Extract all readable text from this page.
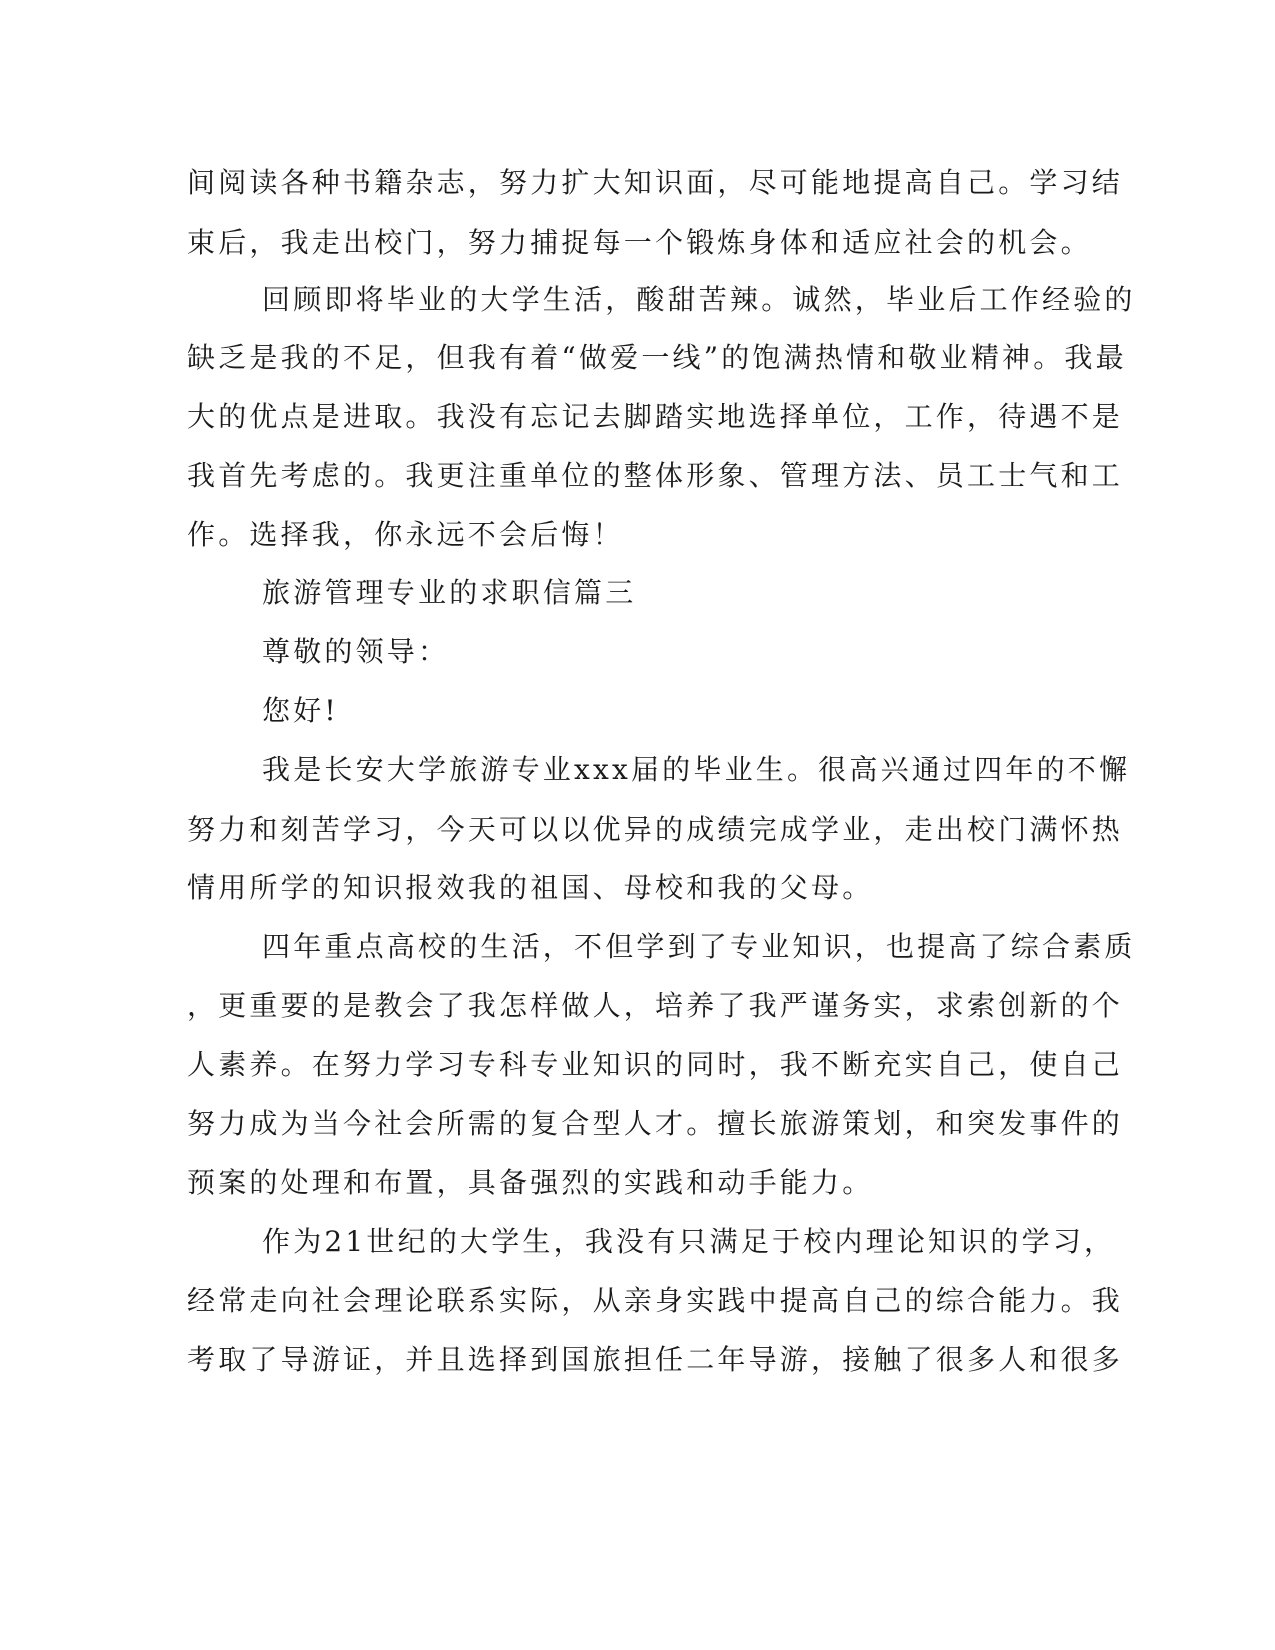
间阅读各种书籍杂志，努力扩大知识面，尽可能地提高自己。学习结

束后，我走出校门，努力捕捉每一个锻炼身体和适应社会的机会。

回顾即将毕业的大学生活，酸甜苦辣。诚然，毕业后工作经验的

缺乏是我的不足，但我有着“做爱一线”的饱满热情和敬业精神。我最

大的优点是进取。我没有忘记去脚踏实地选择单位，工作，待遇不是

我首先考虑的。我更注重单位的整体形象、管理方法、员工士气和工

作。选择我，你永远不会后悔！

旅游管理专业的求职信篇三

尊敬的领导：

您好!

我是长安大学旅游专业xxx届的毕业生。很高兴通过四年的不懈

努力和刻苦学习，今天可以以优异的成绩完成学业，走出校门满怀热

情用所学的知识报效我的祖国、母校和我的父母。

四年重点高校的生活，不但学到了专业知识，也提高了综合素质

，更重要的是教会了我怎样做人，培养了我严谨务实，求索创新的个

人素养。在努力学习专科专业知识的同时，我不断充实自己，使自己

努力成为当今社会所需的复合型人才。擅长旅游策划，和突发事件的

预案的处理和布置，具备强烈的实践和动手能力。

作为21世纪的大学生，我没有只满足于校内理论知识的学习，

经常走向社会理论联系实际，从亲身实践中提高自己的综合能力。我

考取了导游证，并且选择到国旅担任二年导游，接触了很多人和很多
